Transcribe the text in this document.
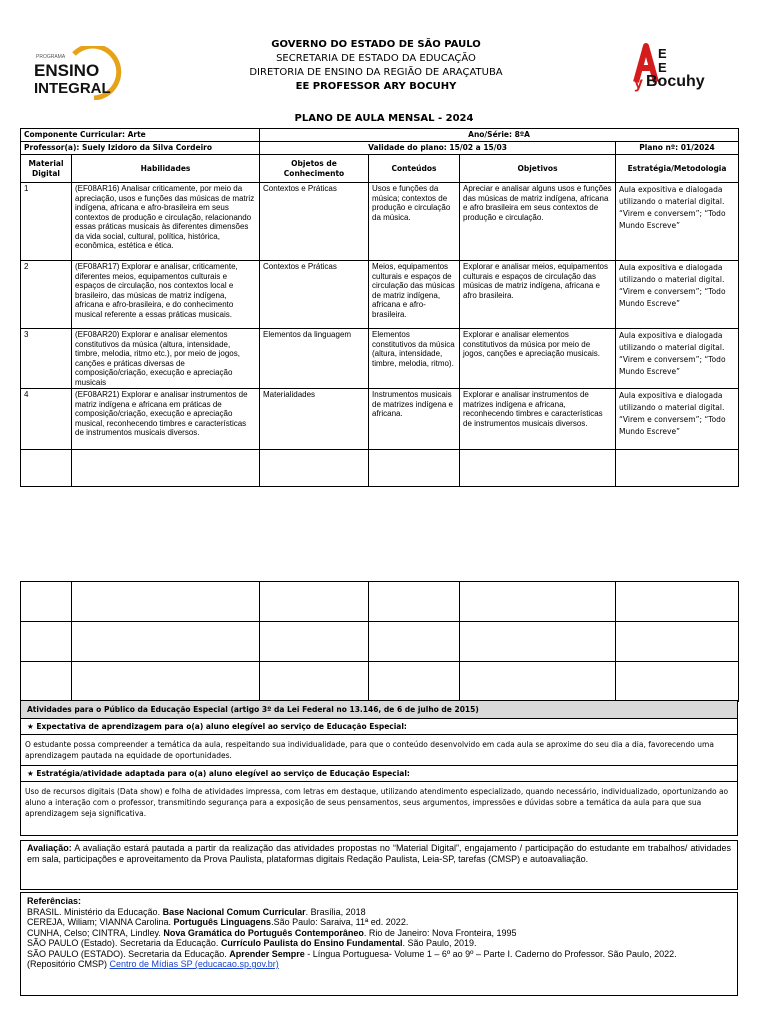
PROGRAMA
ENSINO
INTEGRAL
GOVERNO DO ESTADO DE SÃO PAULO
SECRETARIA DE ESTADO DA EDUCAÇÃO
DIRETORIA DE ENSINO DA REGIÃO DE ARAÇATUBA
EE PROFESSOR ARY BOCUHY
E
E
y Bocuhy
PLANO DE AULA MENSAL - 2024
Componente Curricular: Arte		Ano/Série: 8ºA			
Professor(a): Suely Izidoro da Silva Cordeiro		Validade do plano: 15/02 a 15/03			Plano nº: 01/2024
Material Digital	Habilidades	Objetos de Conhecimento	Conteúdos	Objetivos	Estratégia/Metodologia
1	(EF08AR16) Analisar criticamente, por meio da apreciação, usos e funções das músicas de matriz indígena, africana e afro-brasileira em seus contextos de produção e circulação, relacionando essas práticas musicais às diferentes dimensões da vida social, cultural, política, histórica, econômica, estética e ética.	Contextos e Práticas	Usos e funções da música; contextos de produção e circulação da música.	Apreciar e analisar alguns usos e funções das músicas de matriz indígena, africana e afro brasileira em seus contextos de produção e circulação.	Aula expositiva e dialogada utilizando o material digital. “Virem e conversem”; “Todo Mundo Escreve”
2	(EF08AR17) Explorar e analisar, criticamente, diferentes meios, equipamentos culturais e espaços de circulação, nos contextos local e brasileiro, das músicas de matriz indígena, africana e afro-brasileira, e do conhecimento musical referente a essas práticas musicais.	Contextos e Práticas	Meios, equipamentos culturais e espaços de circulação das músicas de matriz indígena, africana e afro-brasileira.	Explorar e analisar meios, equipamentos culturais e espaços de circulação das músicas de matriz indígena, africana e afro brasileira.	Aula expositiva e dialogada utilizando o material digital. “Virem e conversem”; “Todo Mundo Escreve”
3	(EF08AR20) Explorar e analisar elementos constitutivos da música (altura, intensidade, timbre, melodia, ritmo etc.), por meio de jogos, canções e práticas diversas de composição/criação, execução e apreciação musicais	Elementos da linguagem	Elementos constitutivos da música (altura, intensidade, timbre, melodia, ritmo).	Explorar e analisar elementos constitutivos da música por meio de jogos, canções e apreciação musicais.	Aula expositiva e dialogada utilizando o material digital. “Virem e conversem”; “Todo Mundo Escreve”
4	(EF08AR21) Explorar e analisar instrumentos de matriz indígena e africana em práticas de composição/criação, execução e apreciação musical, reconhecendo timbres e características de instrumentos musicais diversos.	Materialidades	Instrumentos musicais de matrizes indígena e africana.	Explorar e analisar instrumentos de matrizes indígena e africana, reconhecendo timbres e características de instrumentos musicais diversos.	Aula expositiva e dialogada utilizando o material digital. “Virem e conversem”; “Todo Mundo Escreve”

Atividades para o Público da Educação Especial (artigo 3º da Lei Federal no 13.146, de 6 de julho de 2015)
★ Expectativa de aprendizagem para o(a) aluno elegível ao serviço de Educação Especial:
O estudante possa compreender a temática da aula, respeitando sua individualidade, para que o conteúdo desenvolvido em cada aula se aproxime do seu dia a dia, favorecendo uma aprendizagem pautada na equidade de oportunidades.
★ Estratégia/atividade adaptada para o(a) aluno elegível ao serviço de Educação Especial:
Uso de recursos digitais (Data show) e folha de atividades impressa, com letras em destaque, utilizando atendimento especializado, quando necessário, individualizado, oportunizando ao aluno a interação com o professor, transmitindo segurança para a exposição de seus pensamentos, seus argumentos, impressões e dúvidas sobre a temática da aula para que sua aprendizagem seja significativa.
Avaliação: A avaliação estará pautada a partir da realização das atividades propostas no “Material Digital”, engajamento / participação do estudante em trabalhos/ atividades em sala, participações e aproveitamento da Prova Paulista, plataformas digitais Redação Paulista, Leia-SP, tarefas (CMSP) e autoavaliação.
Referências:
BRASIL. Ministério da Educação. Base Nacional Comum Curricular. Brasília, 2018
CEREJA, Wiliam; VIANNA Carolina. Português Linguagens.São Paulo: Saraiva, 11ª ed. 2022.
CUNHA, Celso; CINTRA, Lindley. Nova Gramática do Português Contemporâneo. Rio de Janeiro: Nova Fronteira, 1995
SÃO PAULO (Estado). Secretaria da Educação. Currículo Paulista do Ensino Fundamental. São Paulo, 2019.
SÃO PAULO (ESTADO). Secretaria da Educação. Aprender Sempre - Língua Portuguesa- Volume 1 – 6º ao 9º – Parte I. Caderno do Professor. São Paulo, 2022.
(Repositório CMSP) Centro de Mídias SP (educacao.sp.gov.br)
